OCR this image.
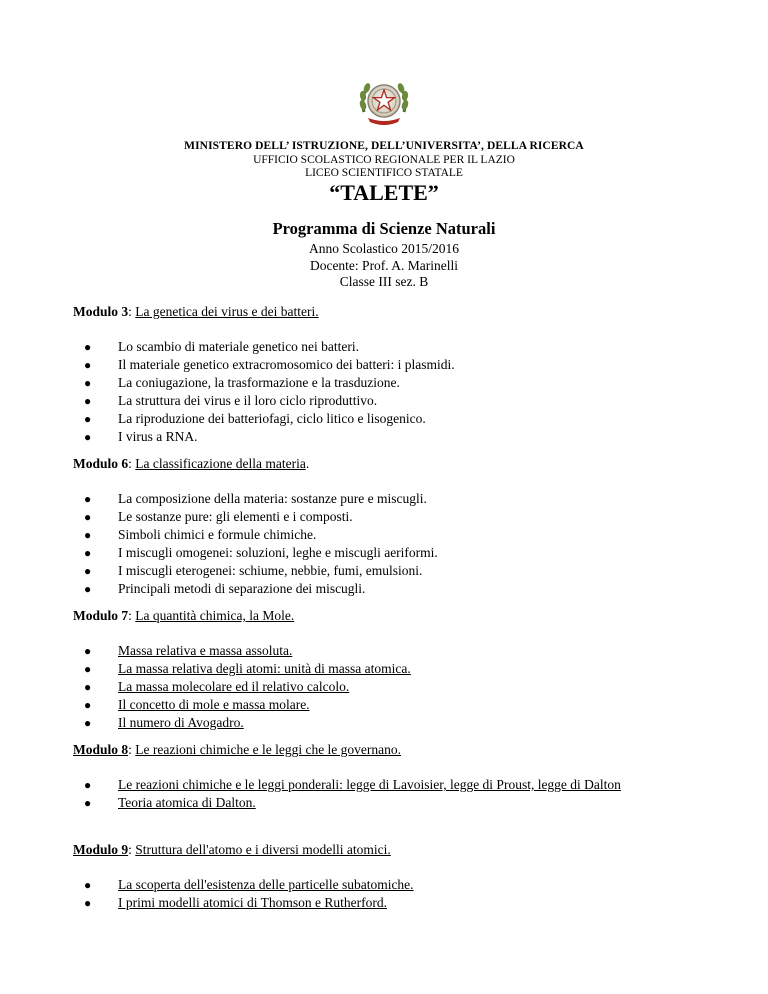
MINISTERO DELL’ ISTRUZIONE, DELL’UNIVERSITA’, DELLA RICERCA
UFFICIO SCOLASTICO REGIONALE PER IL LAZIO
LICEO SCIENTIFICO STATALE
“TALETE”
Programma di Scienze Naturali
Anno Scolastico 2015/2016
Docente: Prof. A. Marinelli
Classe III sez. B
Modulo 3: La genetica dei virus e dei batteri.
● Lo scambio di materiale genetico nei batteri.
● Il materiale genetico extracromosomico dei batteri: i plasmidi.
● La coniugazione, la trasformazione e la trasduzione.
● La struttura dei virus e il loro ciclo riproduttivo.
● La riproduzione dei batteriofagi, ciclo litico e lisogenico.
● I virus a RNA.
Modulo 6: La classificazione della materia.
● La composizione della materia: sostanze pure e miscugli.
● Le sostanze pure: gli elementi e i composti.
● Simboli chimici e formule chimiche.
● I miscugli omogenei: soluzioni, leghe e miscugli aeriformi.
● I miscugli eterogenei: schiume, nebbie, fumi, emulsioni.
● Principali metodi di separazione dei miscugli.
Modulo 7: La quantità chimica, la Mole.
● Massa relativa e massa assoluta.
● La massa relativa degli atomi: unità di massa atomica.
● La massa molecolare ed il relativo calcolo.
● Il concetto di mole e massa molare.
● Il numero di Avogadro.
Modulo 8: Le reazioni chimiche e le leggi che le governano.
● Le reazioni chimiche e le leggi ponderali: legge di Lavoisier, legge di Proust, legge di Dalton
● Teoria atomica di Dalton.
Modulo 9: Struttura dell'atomo e i diversi modelli atomici.
● La scoperta dell'esistenza delle particelle subatomiche.
● I primi modelli atomici di Thomson e Rutherford.
